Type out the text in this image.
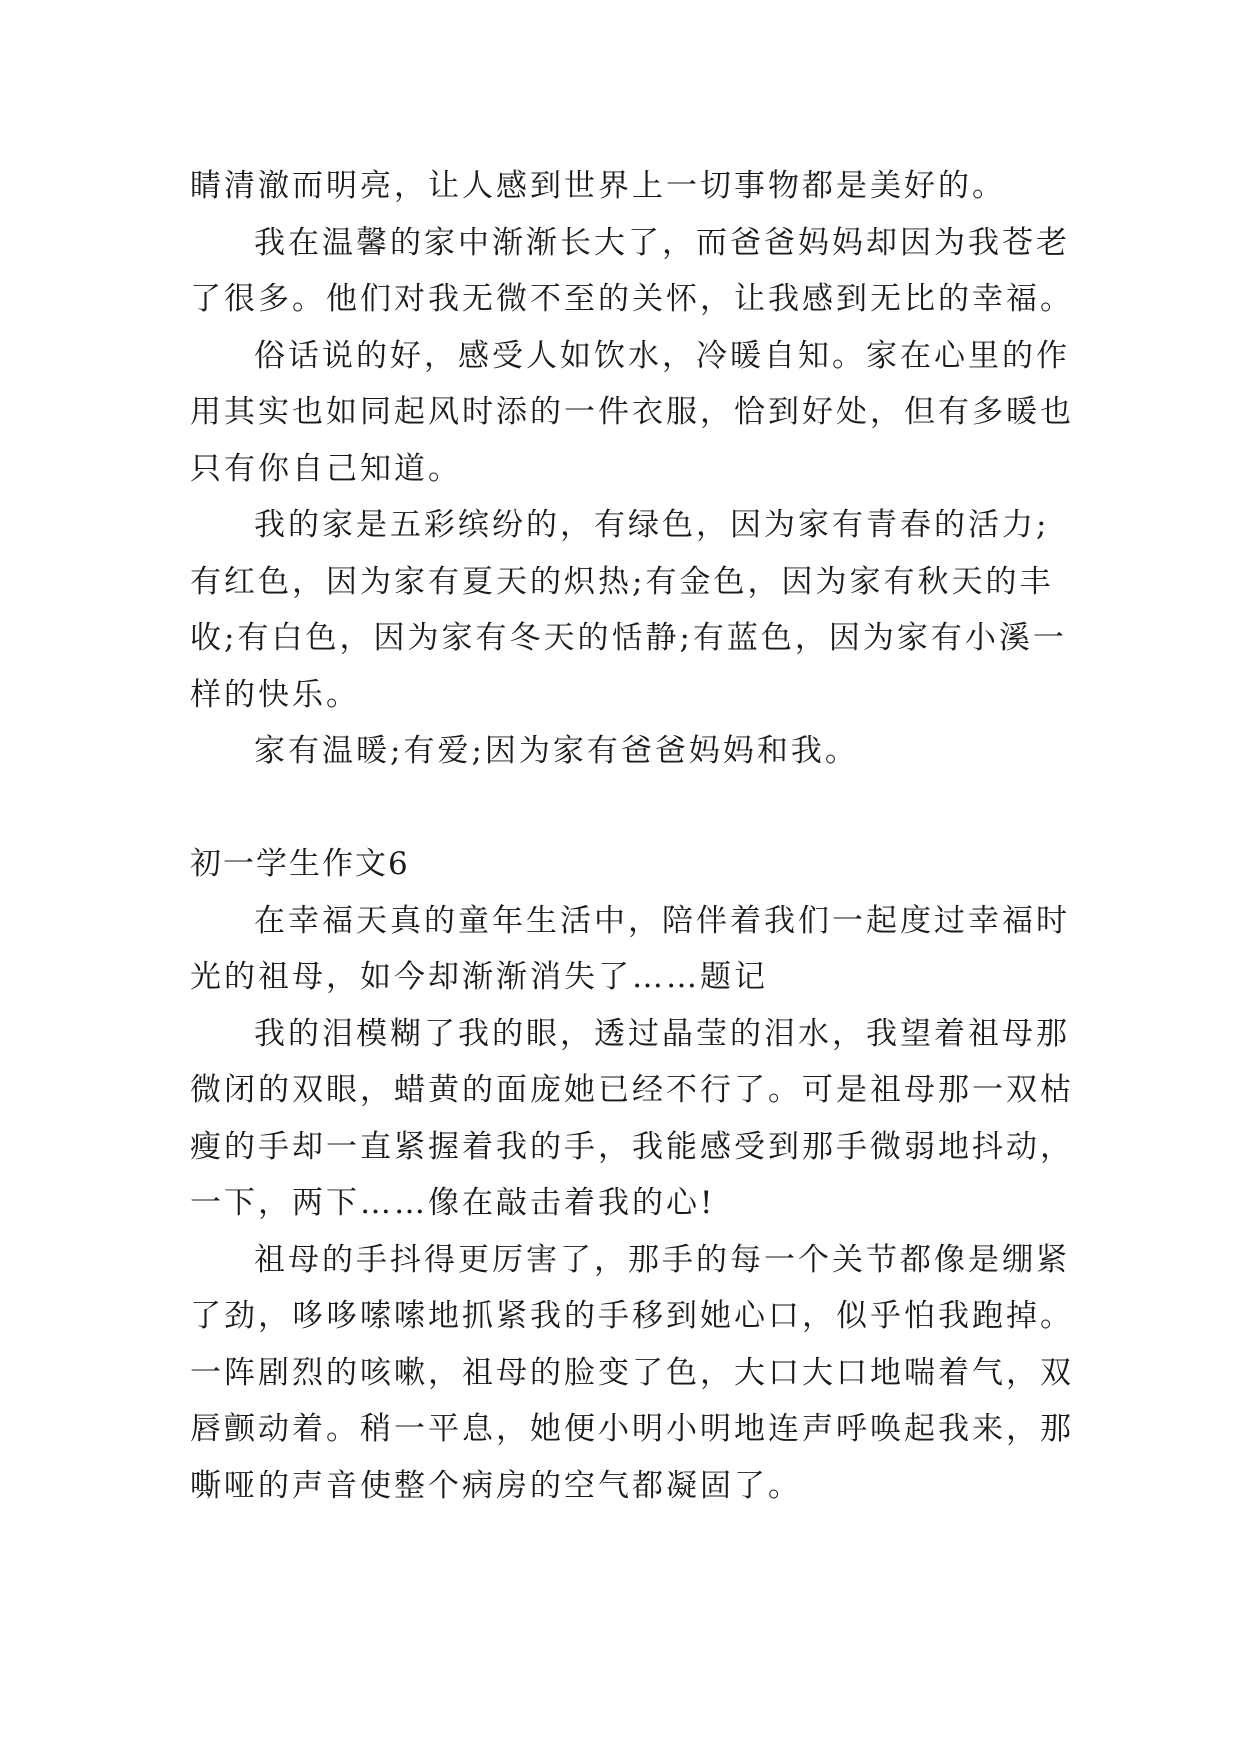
睛清澈而明亮，让人感到世界上一切事物都是美好的。
我在温馨的家中渐渐长大了，而爸爸妈妈却因为我苍老
了很多。他们对我无微不至的关怀，让我感到无比的幸福。
俗话说的好，感受人如饮水，冷暖自知。家在心里的作
用其实也如同起风时添的一件衣服，恰到好处，但有多暖也
只有你自己知道。
我的家是五彩缤纷的，有绿色，因为家有青春的活力;
有红色，因为家有夏天的炽热;有金色，因为家有秋天的丰
收;有白色，因为家有冬天的恬静;有蓝色，因为家有小溪一
样的快乐。
家有温暖;有爱;因为家有爸爸妈妈和我。
初一学生作文6
在幸福天真的童年生活中，陪伴着我们一起度过幸福时
光的祖母，如今却渐渐消失了……题记
我的泪模糊了我的眼，透过晶莹的泪水，我望着祖母那
微闭的双眼，蜡黄的面庞她已经不行了。可是祖母那一双枯
瘦的手却一直紧握着我的手，我能感受到那手微弱地抖动，
一下，两下……像在敲击着我的心!
祖母的手抖得更厉害了，那手的每一个关节都像是绷紧
了劲，哆哆嗦嗦地抓紧我的手移到她心口，似乎怕我跑掉。
一阵剧烈的咳嗽，祖母的脸变了色，大口大口地喘着气，双
唇颤动着。稍一平息，她便小明小明地连声呼唤起我来，那
嘶哑的声音使整个病房的空气都凝固了。
